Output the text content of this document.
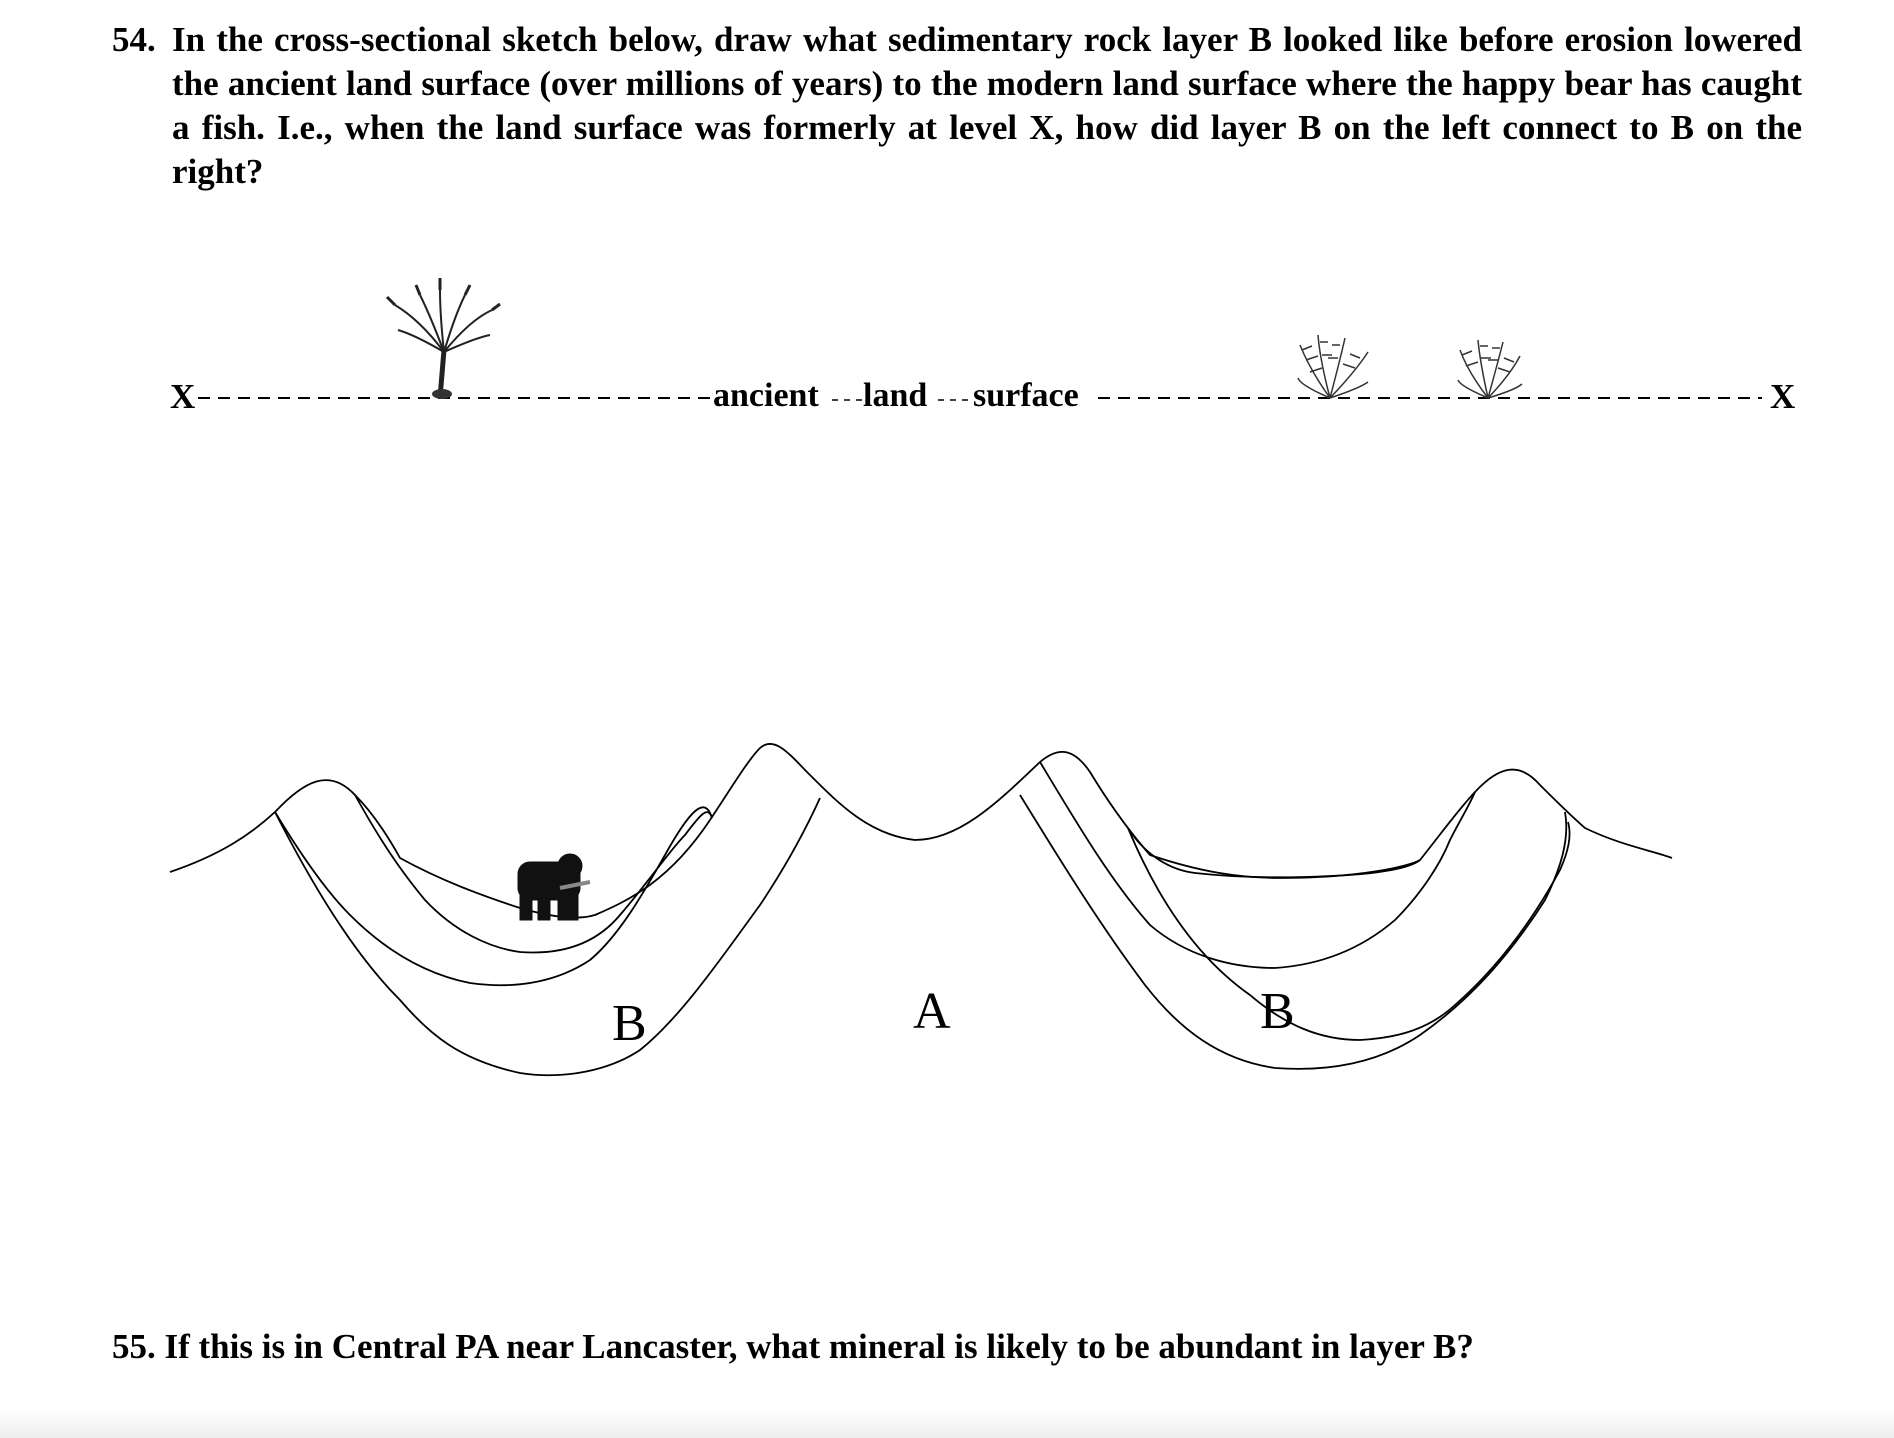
54. In the cross-sectional sketch below, draw what sedimentary rock layer B looked like before erosion lowered the ancient land surface (over millions of years) to the modern land surface where the happy bear has caught a fish. I.e., when the land surface was formerly at level X, how did layer B on the left connect to B on the right?
X	X
ancient land surface
B	A	B
55. If this is in Central PA near Lancaster, what mineral is likely to be abundant in layer B?
